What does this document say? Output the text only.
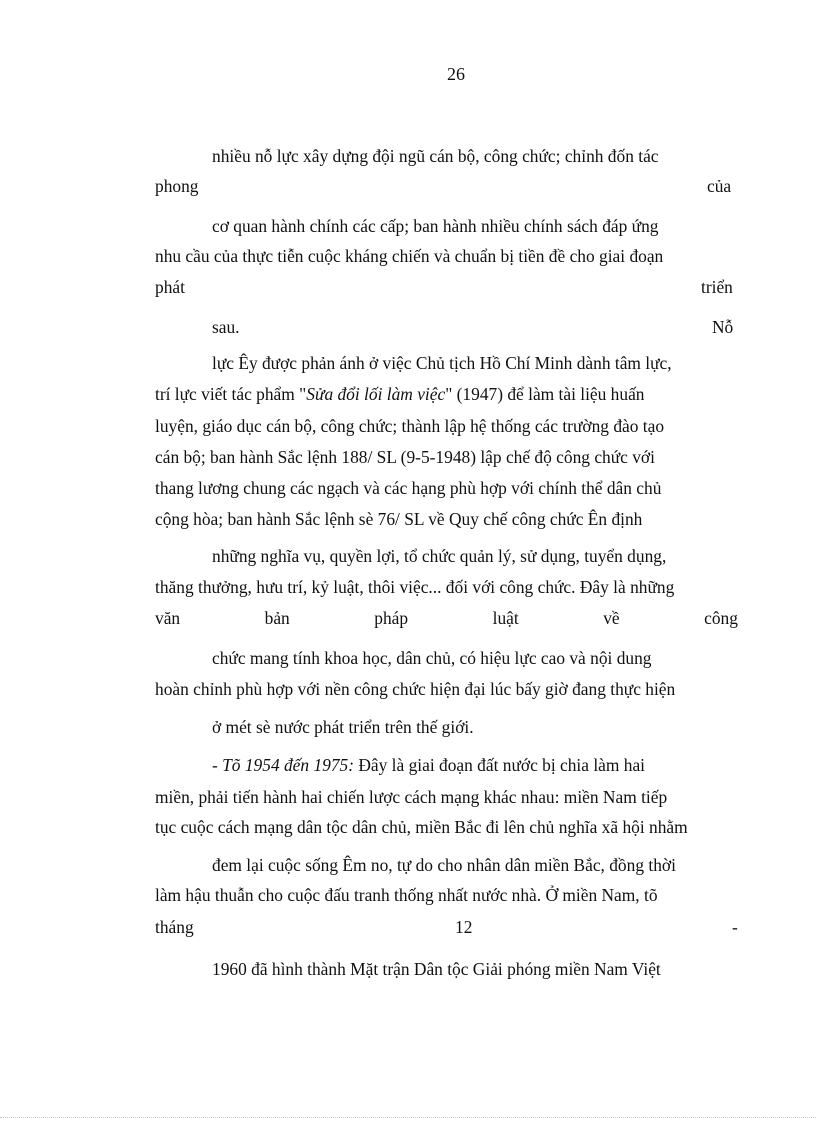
26
nhiều nỗ lực xây dựng đội ngũ cán bộ, công chức; chỉnh đốn tác
phong	của
cơ quan hành chính các cấp; ban hành nhiều chính sách đáp ứng
nhu cầu của thực tiễn cuộc kháng chiến và chuẩn bị tiền đề cho giai đoạn
phát	triển
sau.	Nỗ
lực Êy được phản ánh ở việc Chủ tịch Hồ Chí Minh dành tâm lực,
trí lực viết tác phẩm "Sửa đổi lối làm việc" (1947) để làm tài liệu huấn
luyện, giáo dục cán bộ, công chức; thành lập hệ thống các trường đào tạo
cán bộ; ban hành Sắc lệnh 188/ SL (9-5-1948) lập chế độ công chức với
thang lương chung các ngạch và các hạng phù hợp với chính thể dân chủ
cộng hòa; ban hành Sắc lệnh sè 76/ SL về Quy chế công chức Ên định
những nghĩa vụ, quyền lợi, tổ chức quản lý, sử dụng, tuyển dụng,
thăng thưởng, hưu trí, kỷ luật, thôi việc... đối với công chức. Đây là những
văn	bản	pháp	luật	về	công
chức mang tính khoa học, dân chủ, có hiệu lực cao và nội dung
hoàn chỉnh phù hợp với nền công chức hiện đại lúc bấy giờ đang thực hiện
ở mét sè nước phát triển trên thế giới.
- Tõ 1954 đến 1975: Đây là giai đoạn đất nước bị chia làm hai
miền, phải tiến hành hai chiến lược cách mạng khác nhau: miền Nam tiếp
tục cuộc cách mạng dân tộc dân chủ, miền Bắc đi lên chủ nghĩa xã hội nhằm
đem lại cuộc sống Êm no, tự do cho nhân dân miền Bắc, đồng thời
làm hậu thuẫn cho cuộc đấu tranh thống nhất nước nhà. Ở miền Nam, tõ
tháng	12	-
1960 đã hình thành Mặt trận Dân tộc Giải phóng miền Nam Việt
